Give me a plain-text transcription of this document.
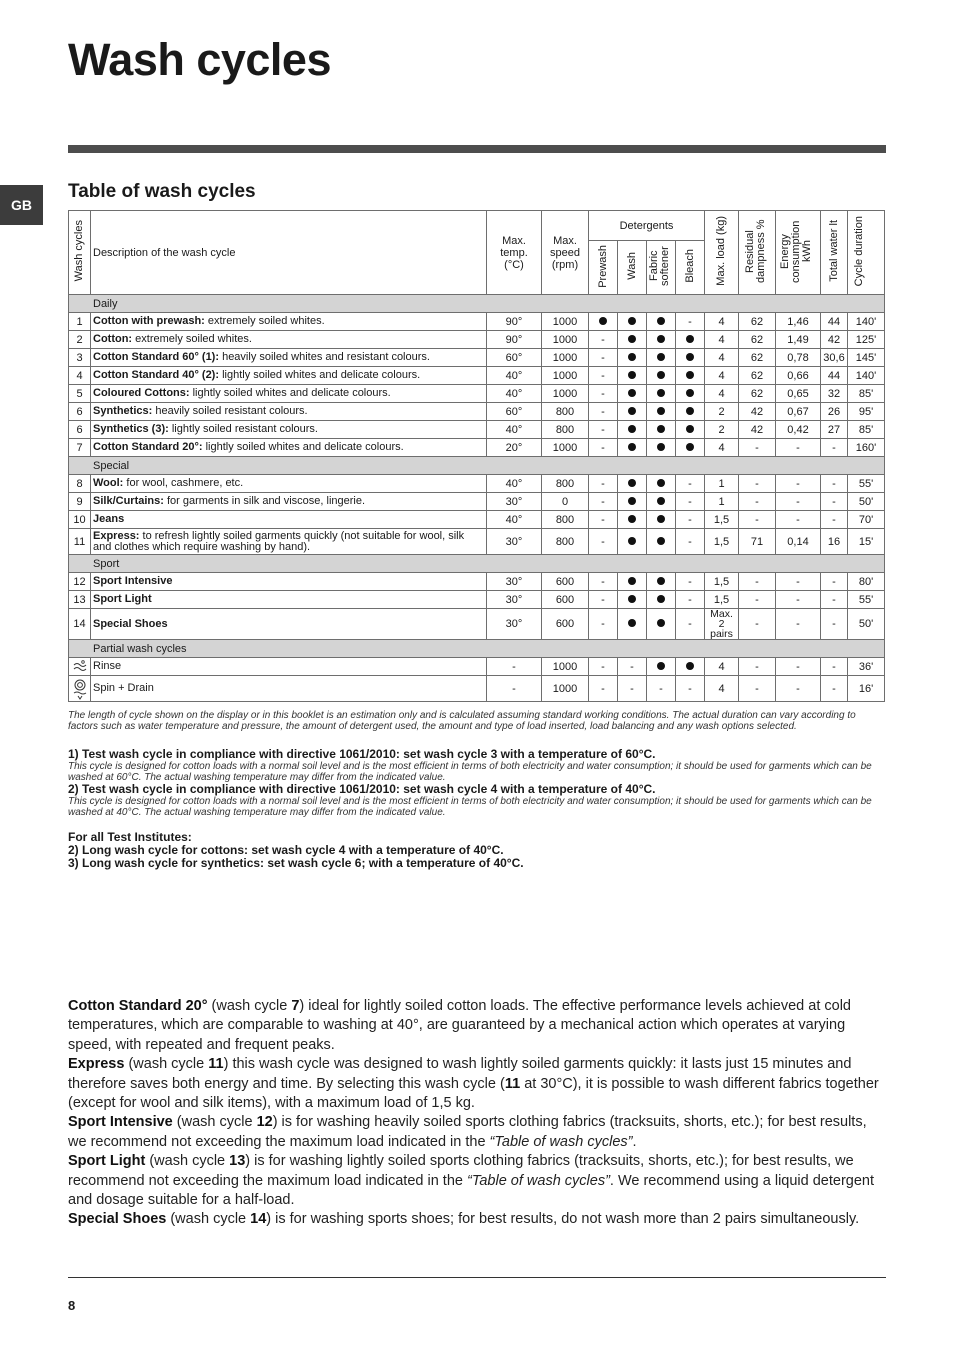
Wash cycles
GB
Table of wash cycles
Wash cycles	Description of the wash cycle	Max. temp. (°C)	Max. speed (rpm)	Detergents				Max. load (kg)	Residual dampness %	Energy consumption kWh	Total water lt	Cycle duration
				Prewash	Wash	Fabric softener	Bleach					
Daily												
1	Cotton with prewash: extremely soiled whites.	90°	1000				-	4	62	1,46	44	140'
2	Cotton: extremely soiled whites.	90°	1000	-				4	62	1,49	42	125'
3	Cotton Standard 60° (1): heavily soiled whites and resistant colours.	60°	1000	-				4	62	0,78	30,6	145'
4	Cotton Standard 40° (2): lightly soiled whites and delicate colours.	40°	1000	-				4	62	0,66	44	140'
5	Coloured Cottons: lightly soiled whites and delicate colours.	40°	1000	-				4	62	0,65	32	85'
6	Synthetics: heavily soiled resistant colours.	60°	800	-				2	42	0,67	26	95'
6	Synthetics (3): lightly soiled resistant colours.	40°	800	-				2	42	0,42	27	85'
7	Cotton Standard 20°: lightly soiled whites and delicate colours.	20°	1000	-				4	-	-	-	160'
Special												
8	Wool: for wool, cashmere, etc.	40°	800	-			-	1	-	-	-	55'
9	Silk/Curtains: for garments in silk and viscose, lingerie.	30°	0	-			-	1	-	-	-	50'
10	Jeans	40°	800	-			-	1,5	-	-	-	70'
11	Express: to refresh lightly soiled garments quickly (not suitable for wool, silk and clothes which require washing by hand).	30°	800	-			-	1,5	71	0,14	16	15'
Sport												
12	Sport Intensive	30°	600	-			-	1,5	-	-	-	80'
13	Sport Light	30°	600	-			-	1,5	-	-	-	55'
14	Special Shoes	30°	600	-			-	Max. 2 pairs	-	-	-	50'
Partial wash cycles												

	Rinse	-	1000	-	-			4	-	-	-	36'

	Spin + Drain	-	1000	-	-	-	-	4	-	-	-	16'
The length of cycle shown on the display or in this booklet is an estimation only and is calculated assuming standard working conditions. The actual duration can vary according to factors such as water temperature and pressure, the amount of detergent used, the amount and type of load inserted, load balancing and any wash options selected.
1) Test wash cycle in compliance with directive 1061/2010: set wash cycle 3 with a temperature of 60°C.
This cycle is designed for cotton loads with a normal soil level and is the most efficient in terms of both electricity and water consumption; it should be used for garments which can be washed at 60°C. The actual washing temperature may differ from the indicated value.
2) Test wash cycle in compliance with directive 1061/2010: set wash cycle 4 with a temperature of 40°C.
This cycle is designed for cotton loads with a normal soil level and is the most efficient in terms of both electricity and water consumption; it should be used for garments which can be washed at 40°C. The actual washing temperature may differ from the indicated value.
For all Test Institutes:
2) Long wash cycle for cottons: set wash cycle 4 with a temperature of 40°C.
3) Long wash cycle for synthetics: set wash cycle 6; with a temperature of 40°C.

Cotton Standard 20° (wash cycle 7) ideal for lightly soiled cotton loads. The effective performance levels achieved at cold temperatures, which are comparable to washing at 40°, are guaranteed by a mechanical action which operates at varying speed, with repeated and frequent peaks.

Express (wash cycle 11) this wash cycle was designed to wash lightly soiled garments quickly: it lasts just 15 minutes and therefore saves both energy and time. By selecting this wash cycle (11 at 30°C), it is possible to wash different fabrics together (except for wool and silk items), with a maximum load of 1,5 kg.

Sport Intensive (wash cycle 12) is for washing heavily soiled sports clothing fabrics (tracksuits, shorts, etc.); for best results, we recommend not exceeding the maximum load indicated in the “Table of wash cycles”.

Sport Light (wash cycle 13) is for washing lightly soiled sports clothing fabrics (tracksuits, shorts, etc.); for best results, we recommend not exceeding the maximum load indicated in the “Table of wash cycles”. We recommend using a liquid detergent and dosage suitable for a half-load.

Special Shoes (wash cycle 14) is for washing sports shoes; for best results, do not wash more than 2 pairs simultaneously.

8
